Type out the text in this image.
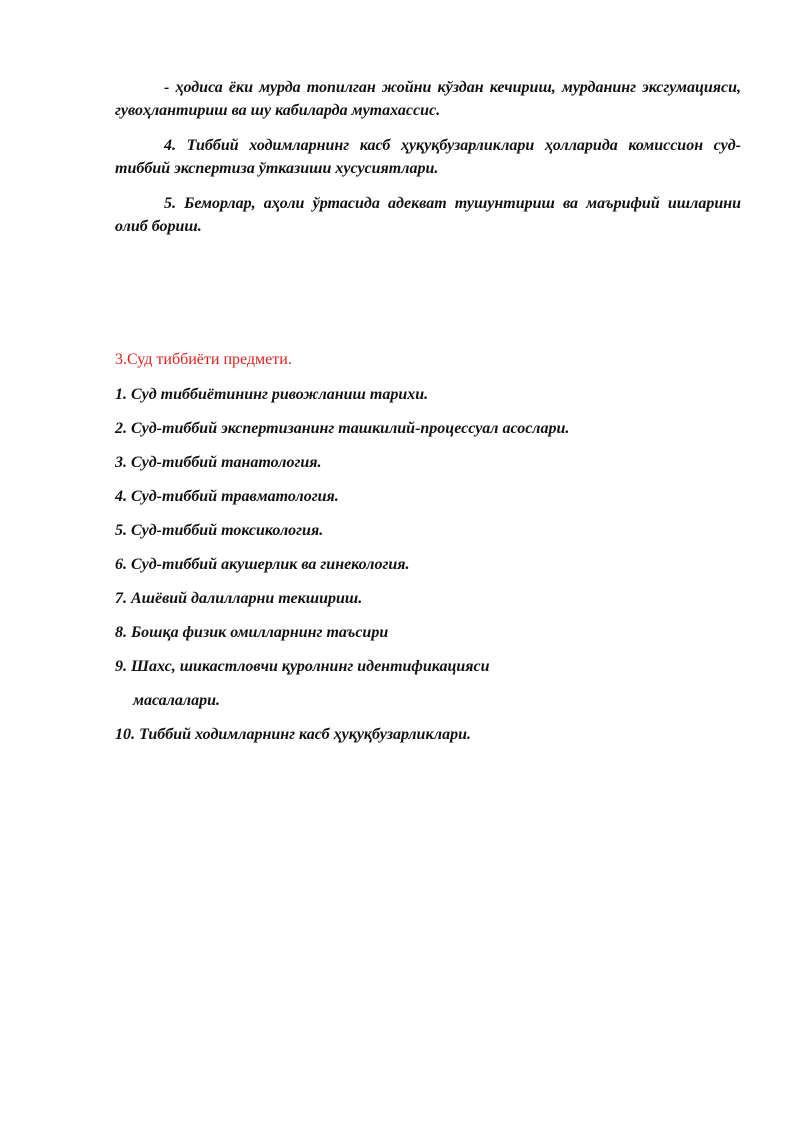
- ҳодиса ёки мурда топилган жойни кўздан кечириш, мурданинг эксгумацияси, гувоҳлантириш ва шу кабиларда мутахассис.

4. Тиббий ходимларнинг касб ҳуқуқбузарликлари ҳолларида комиссион суд-тиббий экспертиза ўтказиши хусусиятлари.

5. Беморлар, аҳоли ўртасида адекват тушунтириш ва маърифий ишларини олиб бориш.

3.Суд тиббиёти предмети.

1. Суд тиббиётининг ривожланиш тарихи.
2. Суд-тиббий экспертизанинг ташкилий-процессуал асослари.
3. Суд-тиббий танатология.
4. Суд-тиббий травматология.
5. Суд-тиббий токсикология.
6. Суд-тиббий акушерлик ва гинекология.
7. Ашёвий далилларни текшириш.
8. Бошқа физик омилларнинг таъсири
9. Шахс, шикастловчи қуролнинг идентификацияси
масалалари.
10. Тиббий ходимларнинг касб ҳуқуқбузарликлари.
